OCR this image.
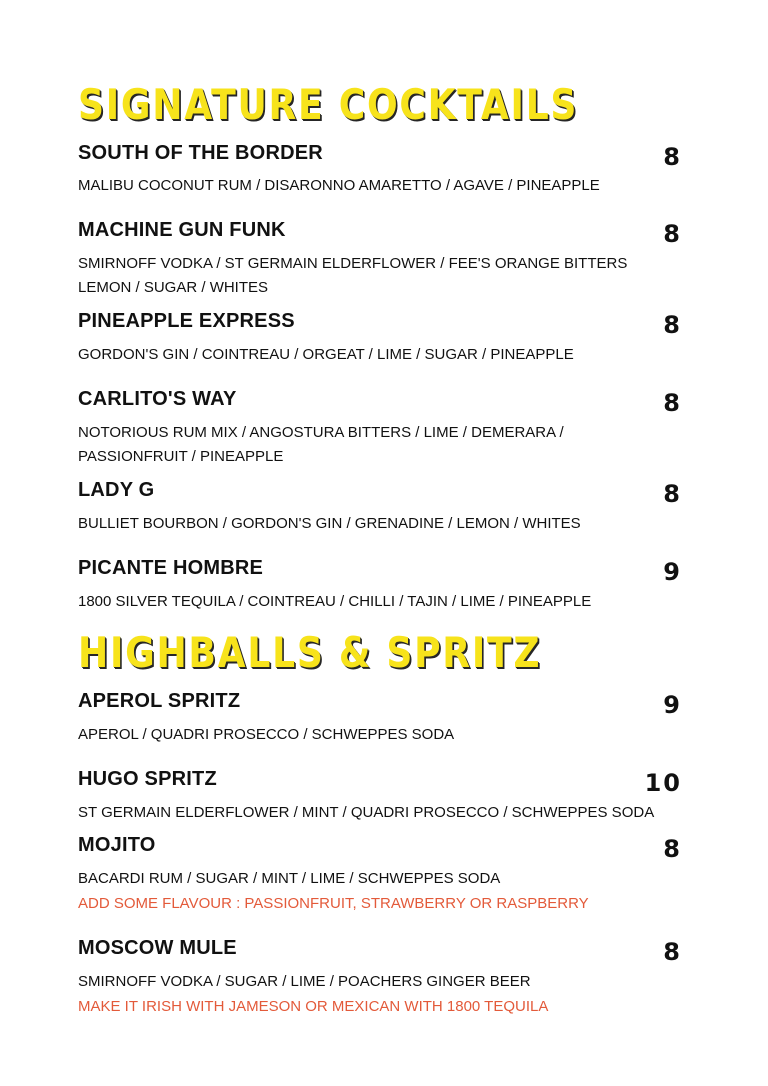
SIGNATURE COCKTAILS
SOUTH OF THE BORDER	8
MALIBU COCONUT RUM / DISARONNO AMARETTO / AGAVE / PINEAPPLE
MACHINE GUN FUNK	8
SMIRNOFF VODKA / ST GERMAIN ELDERFLOWER / FEE'S ORANGE BITTERS
LEMON / SUGAR / WHITES
PINEAPPLE EXPRESS	8
GORDON'S GIN / COINTREAU / ORGEAT / LIME / SUGAR / PINEAPPLE
CARLITO'S WAY	8
NOTORIOUS RUM MIX / ANGOSTURA BITTERS / LIME / DEMERARA /
PASSIONFRUIT / PINEAPPLE
LADY G	8
BULLIET BOURBON / GORDON'S GIN / GRENADINE / LEMON / WHITES
PICANTE HOMBRE	9
1800 SILVER TEQUILA / COINTREAU / CHILLI / TAJIN / LIME / PINEAPPLE
HIGHBALLS & SPRITZ
APEROL SPRITZ	9
APEROL / QUADRI PROSECCO / SCHWEPPES SODA
HUGO SPRITZ	10
ST GERMAIN ELDERFLOWER / MINT / QUADRI PROSECCO / SCHWEPPES SODA
MOJITO	8
BACARDI RUM / SUGAR / MINT / LIME / SCHWEPPES SODA
ADD SOME FLAVOUR : PASSIONFRUIT, STRAWBERRY OR RASPBERRY
MOSCOW MULE	8
SMIRNOFF VODKA / SUGAR / LIME / POACHERS GINGER BEER
MAKE IT IRISH WITH JAMESON OR MEXICAN WITH 1800 TEQUILA
